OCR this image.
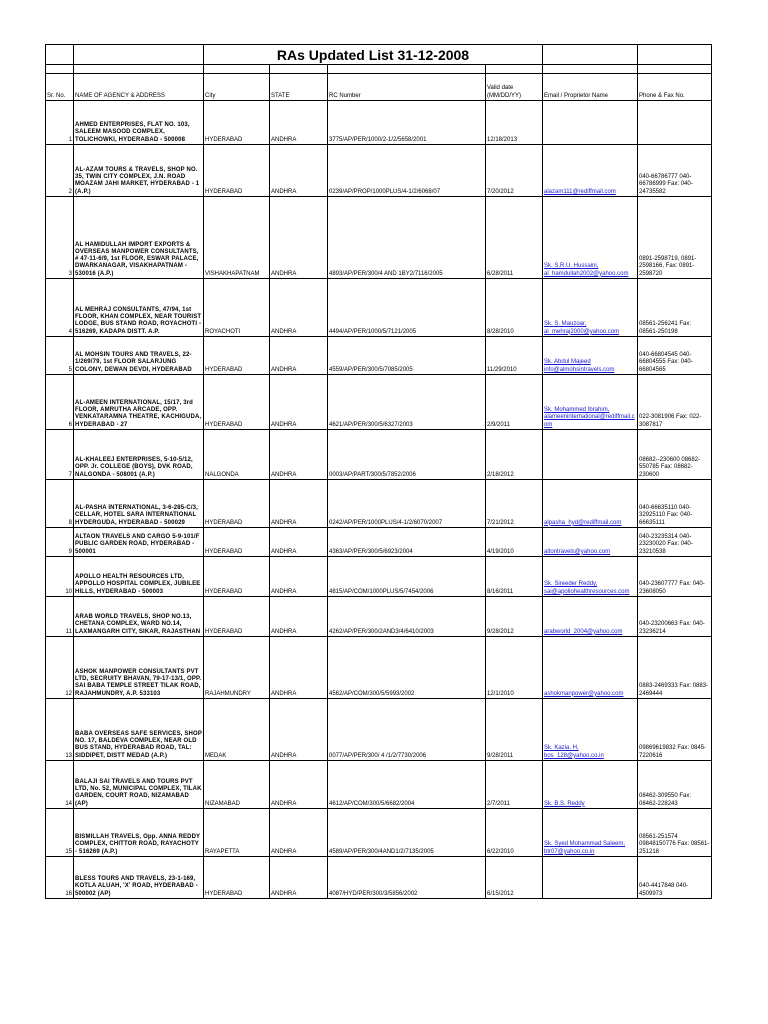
		RAs Updated List 31-12-2008					

Sr. No.	NAME OF AGENCY & ADDRESS	City	STATE	RC Number	Valid date (MM/DD/YY)	Email / Proprietor Name	Phone & Fax No.
1	AHMED ENTERPRISES, FLAT NO. 103, SALEEM MASOOD COMPLEX, TOLICHOWKI, HYDERABAD - 500008	HYDERABAD	ANDHRA	3775/AP/PER/1000/2-1/2/5658/2001	12/18/2013		
2	AL-AZAM TOURS & TRAVELS, SHOP NO. 35, TWIN CITY COMPLEX, J.N. ROAD MOAZAM JAHI MARKET, HYDERABAD - 1 (A.P.)	HYDERABAD	ANDHRA	0239/AP/PROP/1000PLUS/4-1/2/6068/07	7/20/2012	alazam111@rediffmail.com	040-66786777 040-66786999 Fax: 040-24735582
3	AL HAMIDULLAH IMPORT EXPORTS & OVERSEAS MANPOWER CONSULTANTS, # 47-11-6/9, 1st FLOOR, ESWAR PALACE, DWARKANAGAR, VISAKHAPATNAM - 530016 (A.P.)	VISHAKHAPATNAM	ANDHRA	4893/AP/PER/300/4 AND 1BY2/7116/2005	6/28/2011	Sk. S.R.U. Hussaini, al_hamdullah2002@yahoo.com	0891-2598719, 0891-2598166, Fax: 0891-2598720
4	AL MEHRAJ CONSULTANTS, 47/94, 1st FLOOR, KHAN COMPLEX, NEAR TOURIST LODGE, BUS STAND ROAD, ROYACHOTI - 516269, KADAPA DISTT. A.P.	ROYACHOTI	ANDHRA	4494/AP/PER/1000/5/7121/2005	8/28/2010	Sk. S. Mauzoar, al_mehraj2000@yahoo.com	08561-256241 Fax: 08561-250198
5	AL MOHSIN TOURS AND TRAVELS, 22-1/269/79, 1st FLOOR SALARJUNG COLONY, DEWAN DEVDI, HYDERABAD	HYDERABAD	ANDHRA	4559/AP/PER/300/5/7085/2005	11/29/2010	Sk. Abdul Majeed info@almohsintravels.com	040-66804545 040-66804555 Fax: 040-66804565
6	AL-AMEEN INTERNATIONAL, 15/17, 3rd FLOOR, AMRUTHA ARCADE, OPP. VENKATARAMNA THEATRE, KACHIGUDA, HYDERABAD - 27	HYDERABAD	ANDHRA	4621/AP/PER/300/5/6327/2003	2/9/2011	Sk. Mohammed Ibrahim, alameeninternational@rediffmail.com	022-3081906 Fax: 022-3087817
7	AL-KHALEEJ ENTERPRISES, 5-10-5/12, OPP. Jr. COLLEGE (BOYS), DVK ROAD, NALGONDA - 508001 (A.P.)	NALGONDA	ANDHRA	0003/AP/PART/300/5/7852/2006	2/18/2012		08682--230600 08682-550785 Fax: 08682-230600
8	AL-PASHA INTERNATIONAL, 3-6-285-C/3, CELLAR, HOTEL SARA INTERNATIONAL HYDERGUDA, HYDERABAD - 500029	HYDERABAD	ANDHRA	0242/AP/PER/1000PLUS/4-1/2/6070/2007	7/21/2012	alpasha_hyd@rediffmail.com	040-66635110 040-32925110 Fax: 040-66635111
9	ALTAON TRAVELS AND CARGO 5-9-101/F PUBLIC GARDEN ROAD, HYDERABAD - 500001	HYDERABAD	ANDHRA	4363/AP/PER/300/5/6923/2004	4/19/2010	altontravels@yahoo.com	040-23235314 040-23230020 Fax: 040-23210538
10	APOLLO HEALTH RESOURCES LTD, APPOLLO HOSPITAL COMPLEX, JUBILEE HILLS, HYDERABAD - 500003	HYDERABAD	ANDHRA	4815/AP/COM/1000PLUS/5/7454/2006	8/16/2011	Sk. Sireeder Reddy, sai@apollohealthresources.com	040-23607777 Fax: 040-23608050
11	ARAB WORLD TRAVELS, SHOP NO.13, CHETANA COMPLEX, WARD NO.14, LAXMANGARH CITY, SIKAR, RAJASTHAN	HYDERABAD	ANDHRA	4262/AP/PER/300/2AND3/4/6410/2003	9/28/2012	arabworld_2004@yahoo.com	040-23200663 Fax: 040-23236214
12	ASHOK MANPOWER CONSULTANTS PVT LTD, SECRUITY BHAVAN, 79-17-13/1, OPP. SAI BABA TEMPLE STREET TILAK ROAD, RAJAHMUNDRY, A.P. 533103	RAJAHMUNDRY	ANDHRA	4562/AP/COM/300/5/5993/2002	12/1/2010	ashokmanpower@yahoo.com	0883-2469333 Fax: 0883-2469444
13	BABA OVERSEAS SAFE SERVICES, SHOP NO. 17, BALDEVA COMPLEX, NEAR OLD BUS STAND, HYDERABAD ROAD, TAL: SIDDIPET, DISTT MEDAD (A.P.)	MEDAK	ANDHRA	0077/AP/PER/300/ 4 /1/2/7730/2006	9/28/2011	Sk. Kazia. H, bos_128@yahoo.co.in	09869619832 Fax: 0845-7220616
14	BALAJI SAI TRAVELS AND TOURS PVT LTD, No. 52, MUNICIPAL COMPLEX, TILAK GARDEN, COURT ROAD, NIZAMABAD (AP)	NIZAMABAD	ANDHRA	4612/AP/COM/300/5/6682/2004	2/7/2011	Sk. B.S. Reddy	08462-309550 Fax: 08462-228243
15	BISMILLAH TRAVELS, Opp. ANNA REDDY COMPLEX, CHITTOR ROAD, RAYACHOTY - 516269 (A.P.)	RAYAPETTA	ANDHRA	4589/AP/PER/300/4AND1/2/7135/2005	6/22/2010	Sk. Syed Mohammad Saleem, btr07@yahoo.co.in	08561-251574 09848150776 Fax: 08561-251218
16	BLESS TOURS AND TRAVELS, 23-1-169, KOTLA ALUAH, 'X' ROAD, HYDERABAD - 500002 (AP)	HYDERABAD	ANDHRA	4087/HYD/PER/300/3/5856/2002	6/15/2012		040-4417848 040-4509973
